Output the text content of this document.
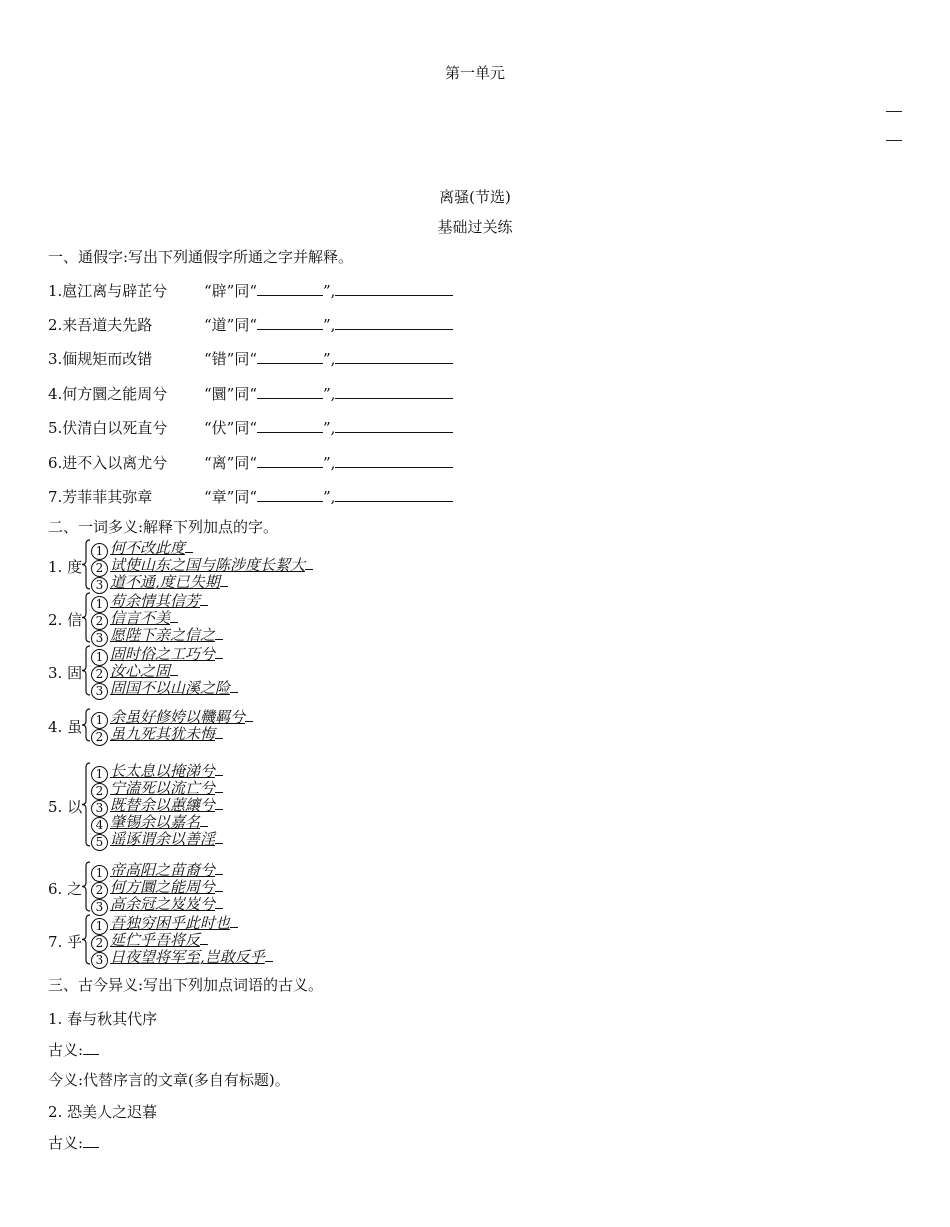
第一单元
离骚(节选)
基础过关练
一、通假字:写出下列通假字所通之字并解释。
1.扈江离与辟芷兮 “辟”同“	”,
2.来吾道夫先路	“道”同“	”,
3.偭规矩而改错	“错”同“	”,
4.何方圜之能周兮 “圜”同“	”,
5.伏清白以死直兮 “伏”同“	”,
6.进不入以离尤兮 “离”同“	”,
7.芳菲菲其弥章	“章”同“	”,
二、一词多义:解释下列加点的字。
1. 度
1 何不改此度
2 试使山东之国与陈涉度长絜大
3 道不通,度已失期
2. 信
1 苟余情其信芳
2 信言不美
3 愿陛下亲之信之
3. 固
1 固时俗之工巧兮
2 汝心之固
3 固国不以山溪之险
4. 虽	1 余虽好修姱以鞿羁兮
2 虽九死其犹未悔
5. 以
1 长太息以掩涕兮
2 宁溘死以流亡兮
3 既替余以蕙纕兮
4 肇锡余以嘉名
5 谣诼谓余以善淫
6. 之
1 帝高阳之苗裔兮
2 何方圜之能周兮
3 高余冠之岌岌兮
7. 乎
1 吾独穷困乎此时也
2 延伫乎吾将反
3 日夜望将军至,岂敢反乎
三、古今异义:写出下列加点词语的古义。
1. 春与秋其代序
古义:
今义:代替序言的文章(多自有标题)。
2. 恐美人之迟暮
古义:
